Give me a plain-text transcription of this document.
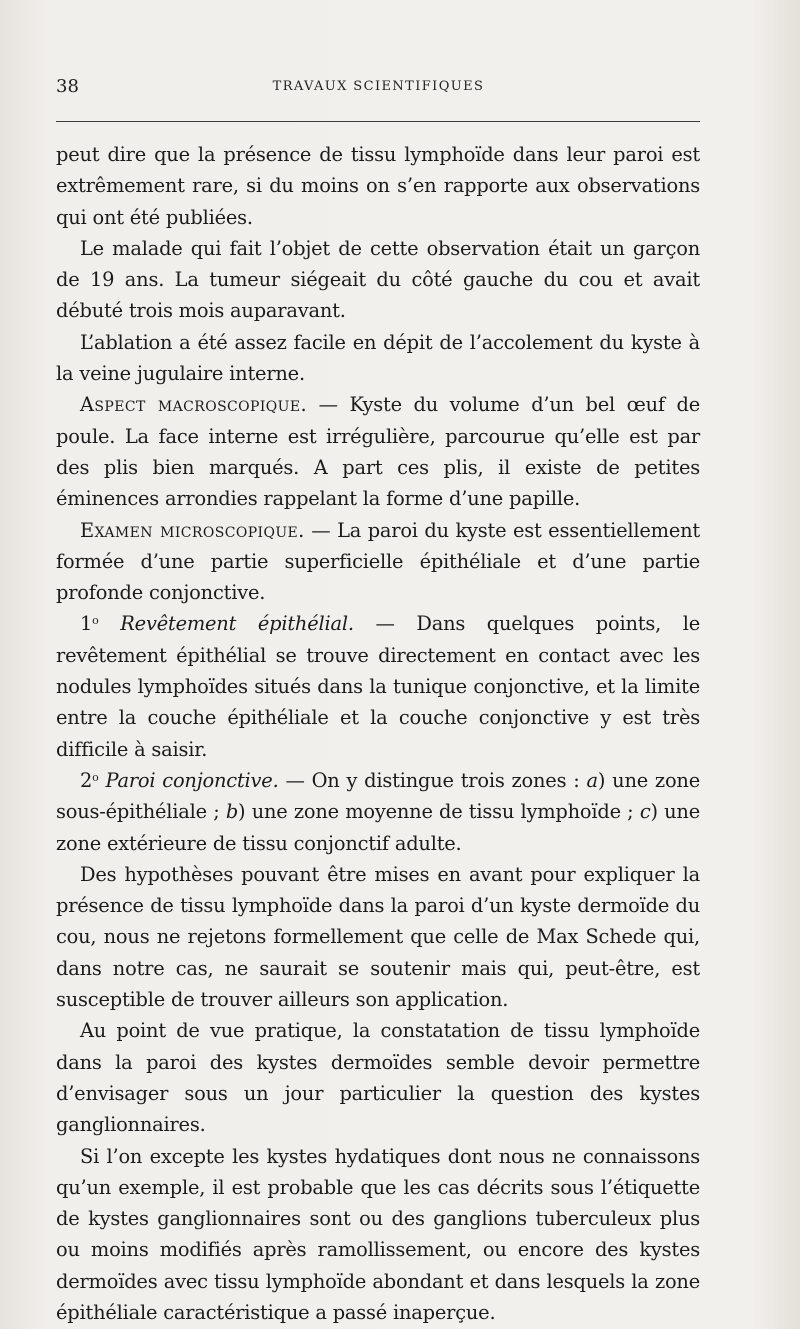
38	TRAVAUX SCIENTIFIQUES

peut dire que la présence de tissu lymphoïde dans leur paroi est extrêmement rare, si du moins on s’en rapporte aux observations qui ont été publiées.

Le malade qui fait l’objet de cette observation était un garçon de 19 ans. La tumeur siégeait du côté gauche du cou et avait débuté trois mois auparavant.

L’ablation a été assez facile en dépit de l’accolement du kyste à la veine jugulaire interne.

Aspect macroscopique. — Kyste du volume d’un bel œuf de poule. La face interne est irrégulière, parcourue qu’elle est par des plis bien marqués. A part ces plis, il existe de petites éminences arrondies rappelant la forme d’une papille.

Examen microscopique. — La paroi du kyste est essentiellement formée d’une partie superficielle épithéliale et d’une partie profonde conjonctive.

1$^o$ Revêtement épithélial. — Dans quelques points, le revêtement épithélial se trouve directement en contact avec les nodules lymphoïdes situés dans la tunique conjonctive, et la limite entre la couche épithéliale et la couche conjonctive y est très difficile à saisir.

2$^o$ Paroi conjonctive. — On y distingue trois zones : a) une zone sous-épithéliale ; b) une zone moyenne de tissu lymphoïde ; c) une zone extérieure de tissu conjonctif adulte.

Des hypothèses pouvant être mises en avant pour expliquer la présence de tissu lymphoïde dans la paroi d’un kyste dermoïde du cou, nous ne rejetons formellement que celle de Max Schede qui, dans notre cas, ne saurait se soutenir mais qui, peut-être, est susceptible de trouver ailleurs son application.

Au point de vue pratique, la constatation de tissu lymphoïde dans la paroi des kystes dermoïdes semble devoir permettre d’envisager sous un jour particulier la question des kystes ganglionnaires.

Si l’on excepte les kystes hydatiques dont nous ne connaissons qu’un exemple, il est probable que les cas décrits sous l’étiquette de kystes ganglionnaires sont ou des ganglions tuberculeux plus ou moins modifiés après ramollissement, ou encore des kystes dermoïdes avec tissu lymphoïde abondant et dans lesquels la zone épithéliale caractéristique a passé inaperçue.
